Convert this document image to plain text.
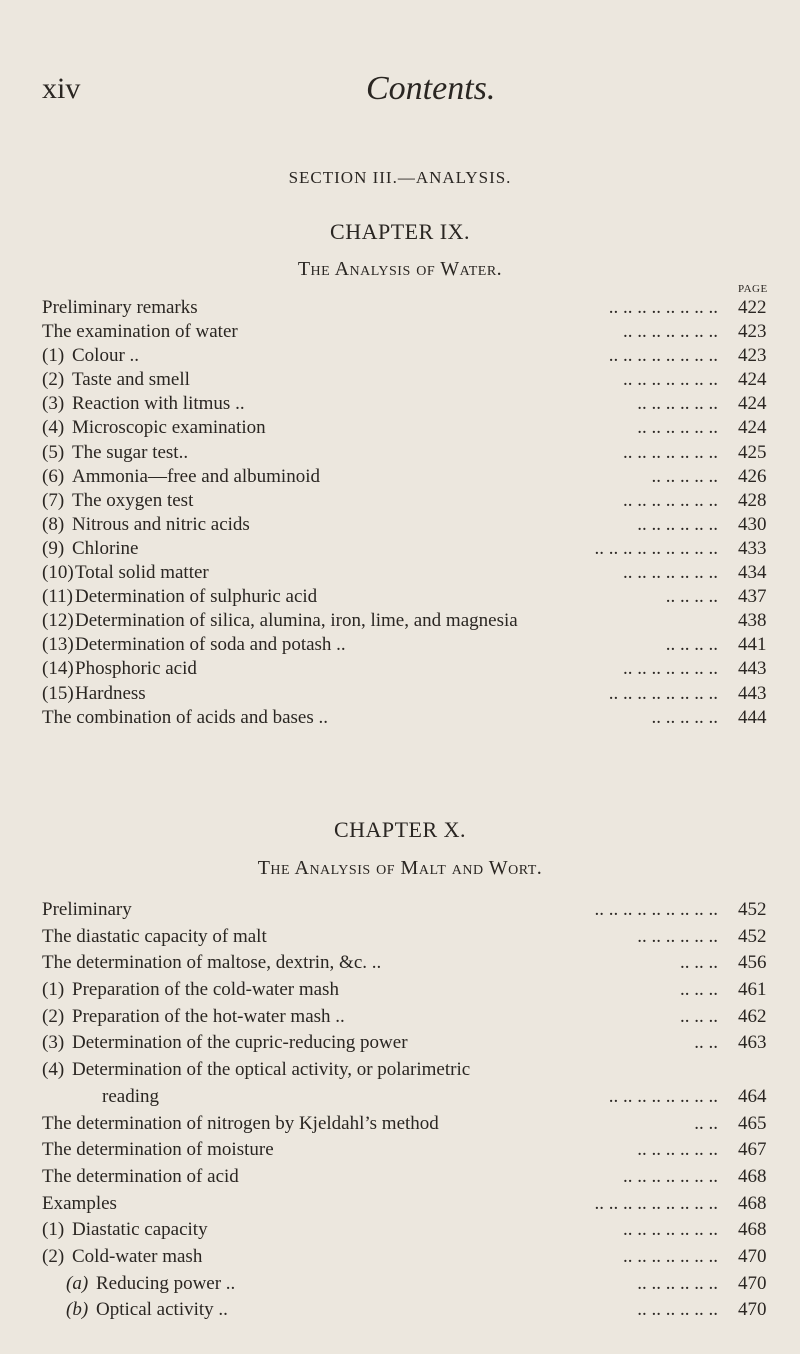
xiv	Contents.
SECTION III.—ANALYSIS.
CHAPTER IX.
The Analysis of Water.
PAGE
Preliminary remarks	.. .. .. .. .. .. .. .. 422
The examination of water	.. .. .. .. .. .. .. 423
(1) Colour ..	.. .. .. .. .. .. .. .. 423
(2) Taste and smell	.. .. .. .. .. .. .. 424
(3) Reaction with litmus ..	.. .. .. .. .. .. 424
(4) Microscopic examination	.. .. .. .. .. .. 424
(5) The sugar test..	.. .. .. .. .. .. .. 425
(6) Ammonia—free and albuminoid	.. .. .. .. .. 426
(7) The oxygen test	.. .. .. .. .. .. .. 428
(8) Nitrous and nitric acids	.. .. .. .. .. .. 430
(9) Chlorine	.. .. .. .. .. .. .. .. .. 433
(10) Total solid matter	.. .. .. .. .. .. .. 434
(11) Determination of sulphuric acid	.. .. .. .. 437
(12) Determination of silica, alumina, iron, lime, and magnesia	438
(13) Determination of soda and potash ..	.. .. .. .. 441
(14) Phosphoric acid	.. .. .. .. .. .. .. 443
(15) Hardness	.. .. .. .. .. .. .. .. 443
The combination of acids and bases ..	.. .. .. .. .. 444
CHAPTER X.
The Analysis of Malt and Wort.
Preliminary	.. .. .. .. .. .. .. .. .. 452
The diastatic capacity of malt	.. .. .. .. .. .. 452
The determination of maltose, dextrin, &c. ..	.. .. .. 456
(1) Preparation of the cold-water mash	.. .. .. 461
(2) Preparation of the hot-water mash ..	.. .. .. 462
(3) Determination of the cupric-reducing power	.. .. 463
(4) Determination of the optical activity, or polarimetric
reading	.. .. .. .. .. .. .. .. 464
The determination of nitrogen by Kjeldahl’s method	.. .. 465
The determination of moisture	.. .. .. .. .. .. 467
The determination of acid	.. .. .. .. .. .. .. 468
Examples	.. .. .. .. .. .. .. .. .. 468
(1) Diastatic capacity	.. .. .. .. .. .. .. 468
(2) Cold-water mash	.. .. .. .. .. .. .. 470
(a) Reducing power ..	.. .. .. .. .. .. 470
(b) Optical activity ..	.. .. .. .. .. .. 470
